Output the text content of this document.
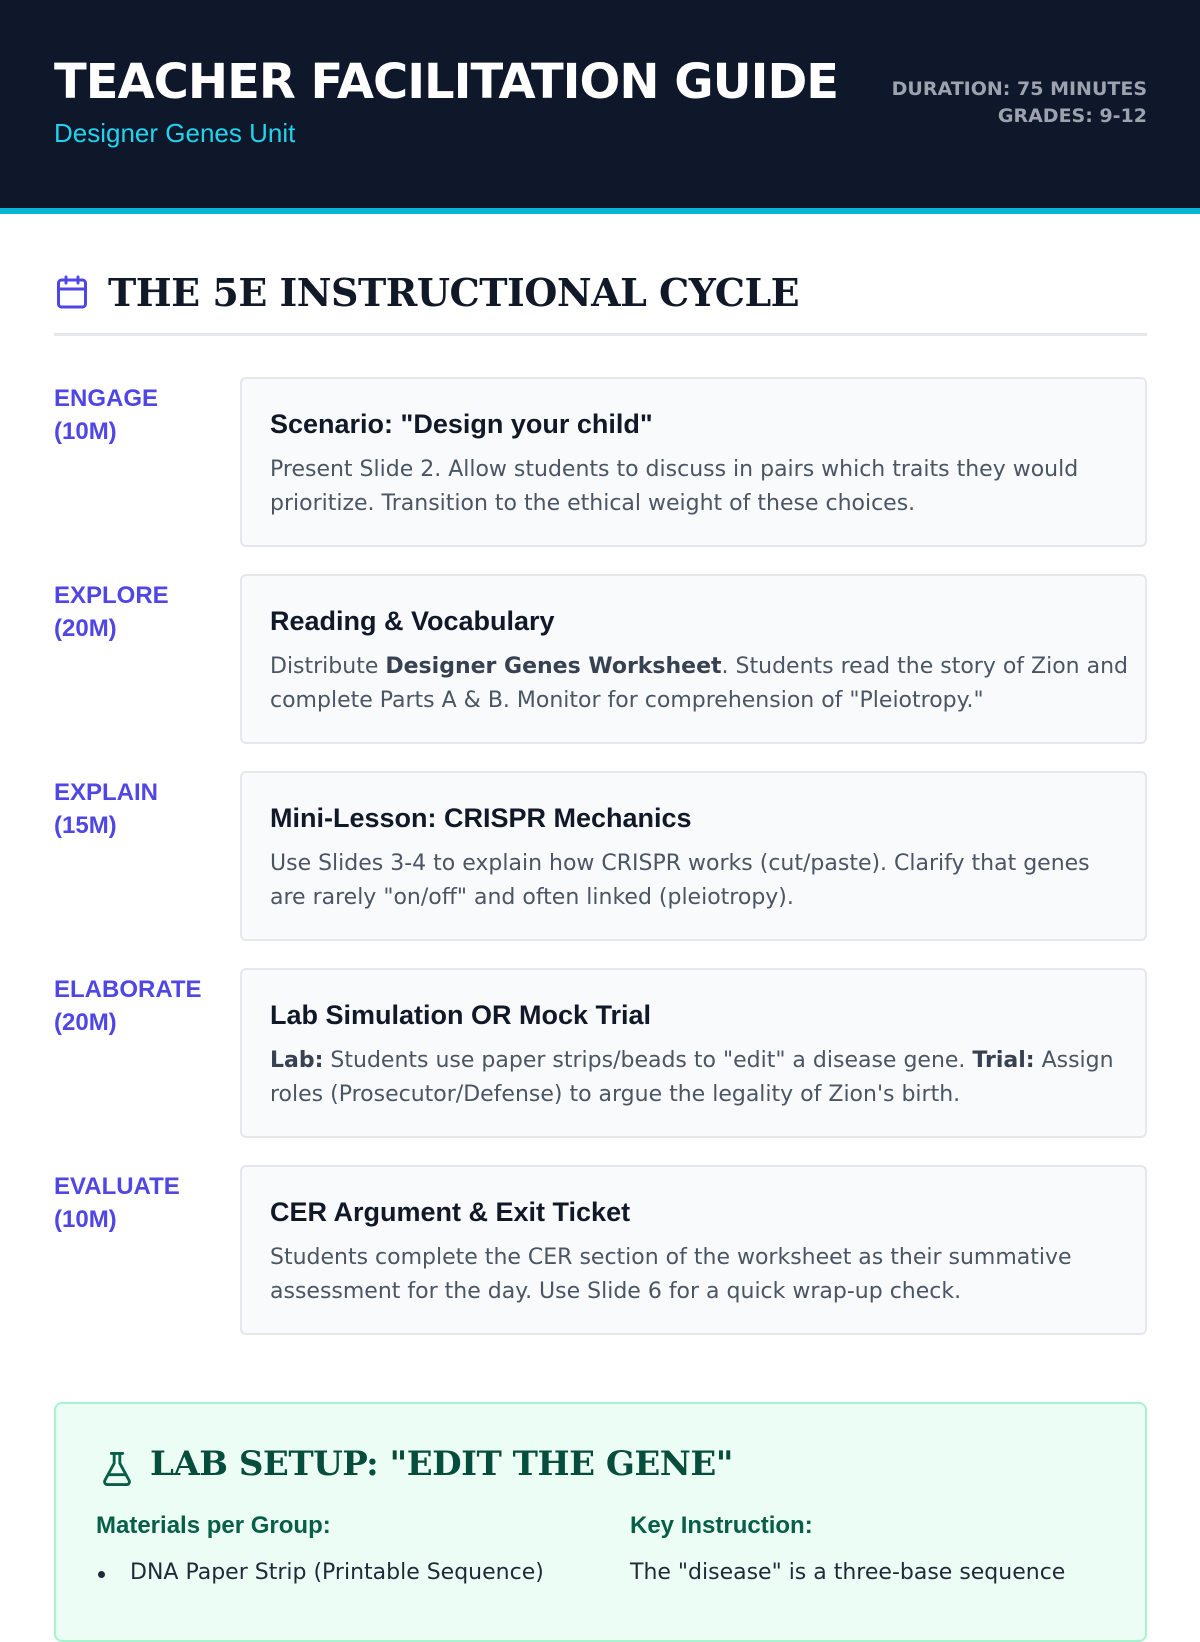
TEACHER FACILITATION GUIDE
Designer Genes Unit
DURATION: 75 MINUTES
GRADES: 9-12
THE 5E INSTRUCTIONAL CYCLE
ENGAGE
(10M)	Scenario: "Design your child"
Present Slide 2. Allow students to discuss in pairs which traits they would
prioritize. Transition to the ethical weight of these choices.
EXPLORE
(20M)	Reading & Vocabulary
Distribute Designer Genes Worksheet. Students read the story of Zion and
complete Parts A & B. Monitor for comprehension of "Pleiotropy."
EXPLAIN
(15M)	Mini-Lesson: CRISPR Mechanics
Use Slides 3-4 to explain how CRISPR works (cut/paste). Clarify that genes
are rarely "on/off" and often linked (pleiotropy).
ELABORATE
(20M)	Lab Simulation OR Mock Trial
Lab: Students use paper strips/beads to "edit" a disease gene. Trial: Assign
roles (Prosecutor/Defense) to argue the legality of Zion's birth.
EVALUATE
(10M)	CER Argument & Exit Ticket
Students complete the CER section of the worksheet as their summative
assessment for the day. Use Slide 6 for a quick wrap-up check.
LAB SETUP: "EDIT THE GENE"
Materials per Group:
DNA Paper Strip (Printable Sequence)
Key Instruction:
The "disease" is a three-base sequence
